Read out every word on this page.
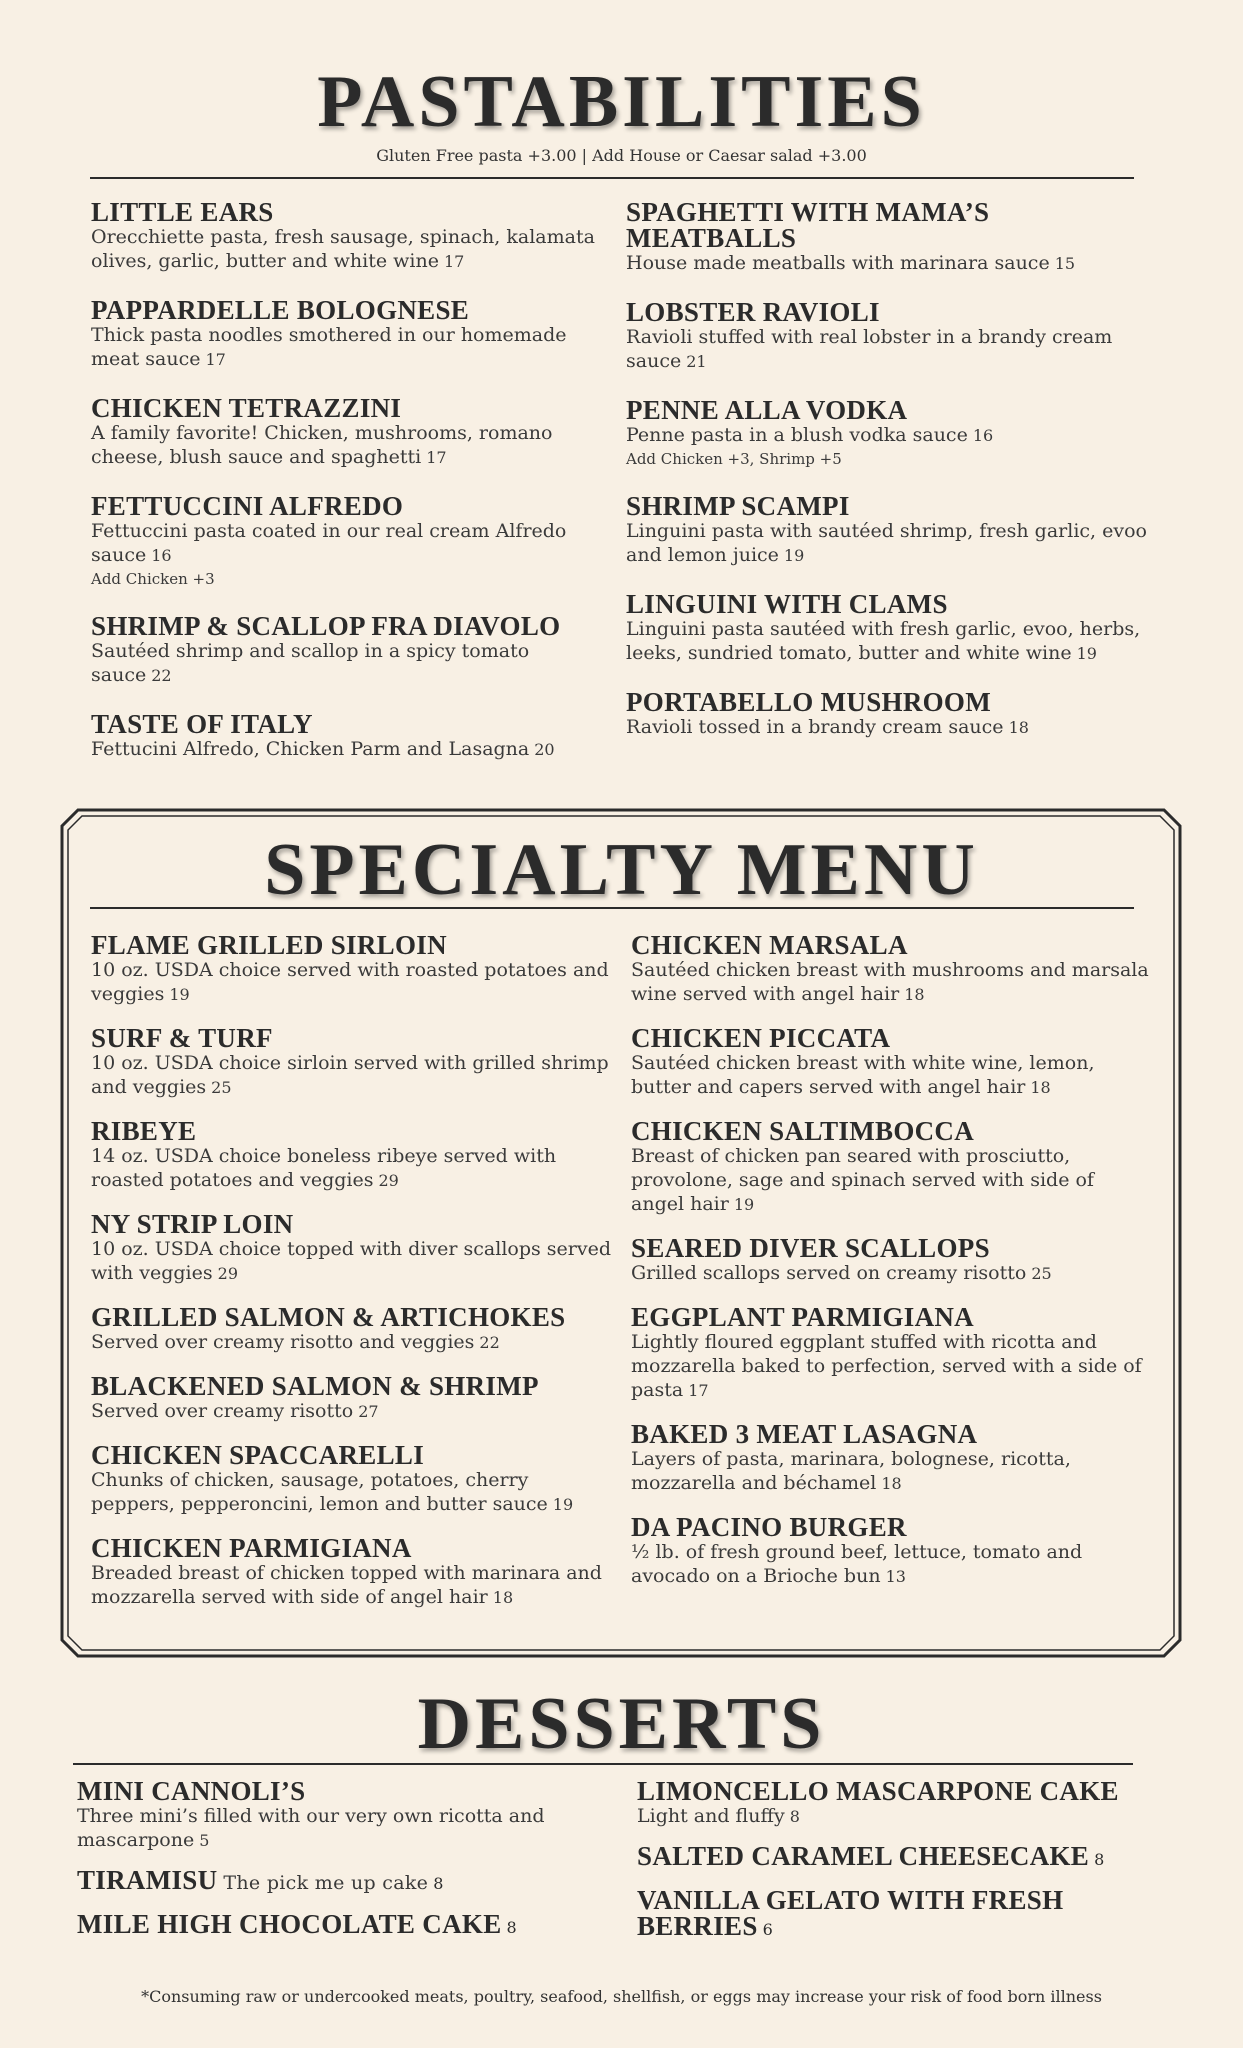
PASTABILITIES
Gluten Free pasta +3.00 | Add House or Caesar salad +3.00
LITTLE EARS
Orecchiette pasta, fresh sausage, spinach, kalamata olives, garlic, butter and white wine 17
PAPPARDELLE BOLOGNESE
Thick pasta noodles smothered in our homemade meat sauce 17
CHICKEN TETRAZZINI
A family favorite! Chicken, mushrooms, romano cheese, blush sauce and spaghetti 17
FETTUCCINI ALFREDO
Fettuccini pasta coated in our real cream Alfredo sauce 16
Add Chicken +3
SHRIMP & SCALLOP FRA DIAVOLO
Sautéed shrimp and scallop in a spicy tomato sauce 22
TASTE OF ITALY
Fettucini Alfredo, Chicken Parm and Lasagna 20
SPAGHETTI WITH MAMA’S MEATBALLS
House made meatballs with marinara sauce 15
LOBSTER RAVIOLI
Ravioli stuffed with real lobster in a brandy cream sauce 21
PENNE ALLA VODKA
Penne pasta in a blush vodka sauce 16
Add Chicken +3, Shrimp +5
SHRIMP SCAMPI
Linguini pasta with sautéed shrimp, fresh garlic, evoo and lemon juice 19
LINGUINI WITH CLAMS
Linguini pasta sautéed with fresh garlic, evoo, herbs, leeks, sundried tomato, butter and white wine 19
PORTABELLO MUSHROOM
Ravioli tossed in a brandy cream sauce 18
SPECIALTY MENU
FLAME GRILLED SIRLOIN
10 oz. USDA choice served with roasted potatoes and veggies 19
SURF & TURF
10 oz. USDA choice sirloin served with grilled shrimp and veggies 25
RIBEYE
14 oz. USDA choice boneless ribeye served with roasted potatoes and veggies 29
NY STRIP LOIN
10 oz. USDA choice topped with diver scallops served with veggies 29
GRILLED SALMON & ARTICHOKES
Served over creamy risotto and veggies 22
BLACKENED SALMON & SHRIMP
Served over creamy risotto 27
CHICKEN SPACCARELLI
Chunks of chicken, sausage, potatoes, cherry peppers, pepperoncini, lemon and butter sauce 19
CHICKEN PARMIGIANA
Breaded breast of chicken topped with marinara and mozzarella served with side of angel hair 18
CHICKEN MARSALA
Sautéed chicken breast with mushrooms and marsala wine served with angel hair 18
CHICKEN PICCATA
Sautéed chicken breast with white wine, lemon, butter and capers served with angel hair 18
CHICKEN SALTIMBOCCA
Breast of chicken pan seared with prosciutto, provolone, sage and spinach served with side of angel hair 19
SEARED DIVER SCALLOPS
Grilled scallops served on creamy risotto 25
EGGPLANT PARMIGIANA
Lightly floured eggplant stuffed with ricotta and mozzarella baked to perfection, served with a side of pasta 17
BAKED 3 MEAT LASAGNA
Layers of pasta, marinara, bolognese, ricotta, mozzarella and béchamel 18
DA PACINO BURGER
½ lb. of fresh ground beef, lettuce, tomato and avocado on a Brioche bun 13
DESSERTS
MINI CANNOLI’S
Three mini’s filled with our very own ricotta and mascarpone 5
TIRAMISU The pick me up cake 8
MILE HIGH CHOCOLATE CAKE 8
LIMONCELLO MASCARPONE CAKE
Light and fluffy 8
SALTED CARAMEL CHEESECAKE 8
VANILLA GELATO WITH FRESH BERRIES 6
*Consuming raw or undercooked meats, poultry, seafood, shellfish, or eggs may increase your risk of food born illness
